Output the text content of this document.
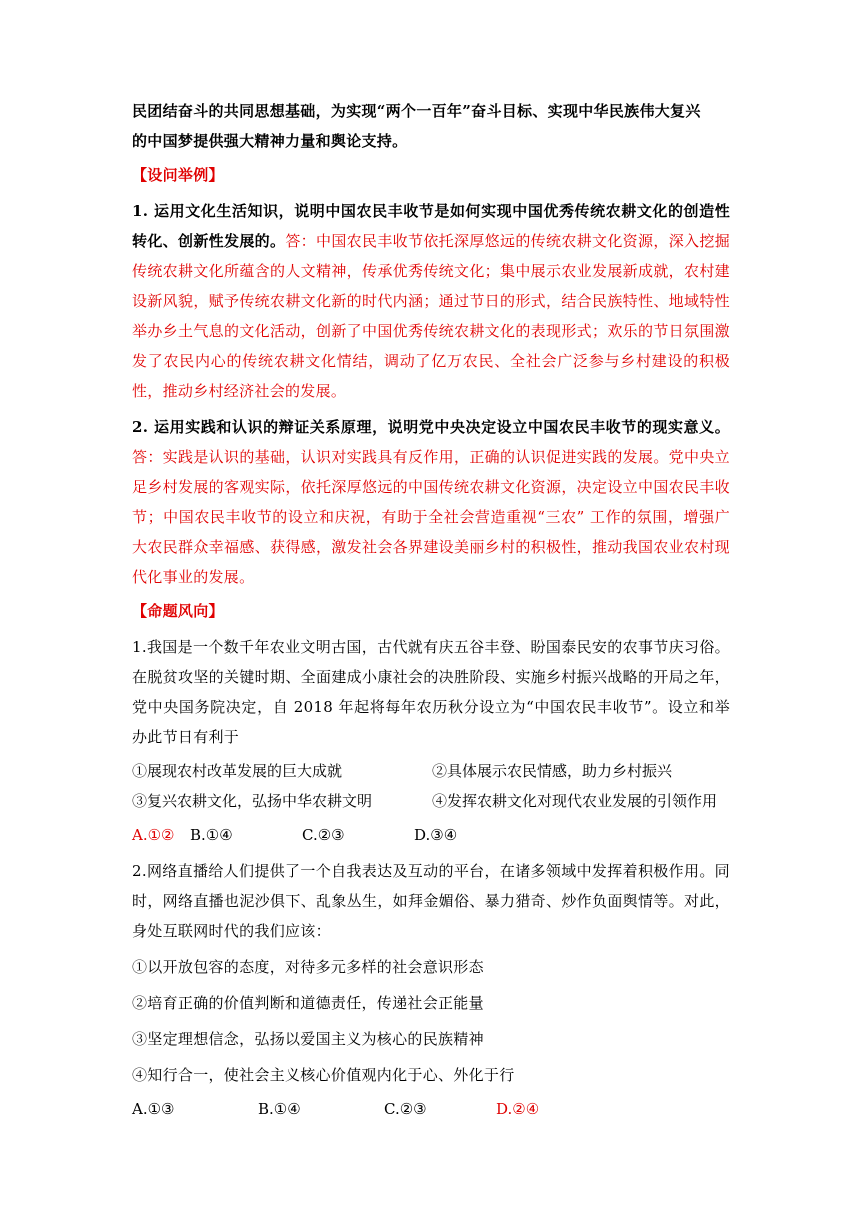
民团结奋斗的共同思想基础，为实现“两个一百年”奋斗目标、实现中华民族伟大复兴

的中国梦提供强大精神力量和舆论支持。

【设问举例】

1. 运用文化生活知识，说明中国农民丰收节是如何实现中国优秀传统农耕文化的创造性转化、创新性发展的。答：中国农民丰收节依托深厚悠远的传统农耕文化资源，深入挖掘传统农耕文化所蕴含的人文精神，传承优秀传统文化；集中展示农业发展新成就，农村建设新风貌，赋予传统农耕文化新的时代内涵；通过节日的形式，结合民族特性、地域特性举办乡土气息的文化活动，创新了中国优秀传统农耕文化的表现形式；欢乐的节日氛围激发了农民内心的传统农耕文化情结，调动了亿万农民、全社会广泛参与乡村建设的积极性，推动乡村经济社会的发展。

2. 运用实践和认识的辩证关系原理，说明党中央决定设立中国农民丰收节的现实意义。答：实践是认识的基础，认识对实践具有反作用，正确的认识促进实践的发展。党中央立足乡村发展的客观实际，依托深厚悠远的中国传统农耕文化资源，决定设立中国农民丰收节；中国农民丰收节的设立和庆祝，有助于全社会营造重视“三农” 工作的氛围，增强广大农民群众幸福感、获得感，激发社会各界建设美丽乡村的积极性，推动我国农业农村现代化事业的发展。

【命题风向】

1.我国是一个数千年农业文明古国，古代就有庆五谷丰登、盼国泰民安的农事节庆习俗。在脱贫攻坚的关键时期、全面建成小康社会的决胜阶段、实施乡村振兴战略的开局之年，党中央国务院决定，自 2018 年起将每年农历秋分设立为“中国农民丰收节”。设立和举办此节日有利于

①展现农村改革发展的巨大成就	②具体展示农民情感，助力乡村振兴
③复兴农耕文化，弘扬中华农耕文明	④发挥农耕文化对现代农业发展的引领作用
A.①②	B.①④	C.②③	D.③④

2.网络直播给人们提供了一个自我表达及互动的平台，在诸多领域中发挥着积极作用。同时，网络直播也泥沙俱下、乱象丛生，如拜金媚俗、暴力猎奇、炒作负面舆情等。对此，身处互联网时代的我们应该：

①以开放包容的态度，对待多元多样的社会意识形态

②培育正确的价值判断和道德责任，传递社会正能量

③坚定理想信念，弘扬以爱国主义为核心的民族精神

④知行合一，使社会主义核心价值观内化于心、外化于行

A.①③	B.①④	C.②③	D.②④
